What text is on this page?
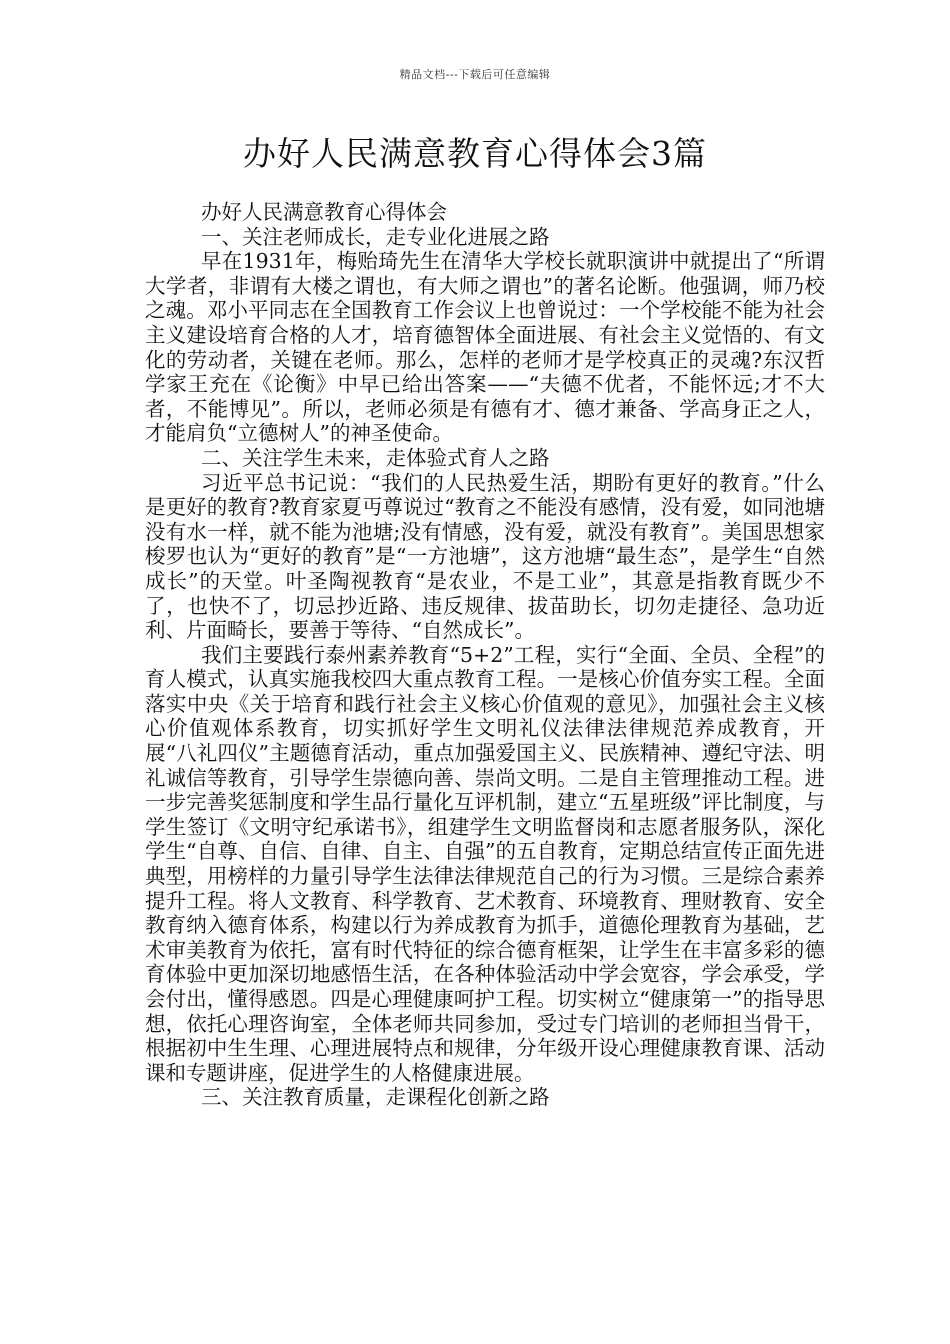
精品文档---下载后可任意编辑
办好人民满意教育心得体会3篇

办好人民满意教育心得体会

一、关注老师成长，走专业化进展之路

早在1931年，梅贻琦先生在清华大学校长就职演讲中就提出了“所谓大学者，非谓有大楼之谓也，有大师之谓也”的著名论断。他强调，师乃校之魂。邓小平同志在全国教育工作会议上也曾说过：一个学校能不能为社会主义建设培育合格的人才，培育德智体全面进展、有社会主义觉悟的、有文化的劳动者，关键在老师。那么，怎样的老师才是学校真正的灵魂?东汉哲学家王充在《论衡》中早已给出答案——“夫德不优者，不能怀远;才不大者，不能博见”。所以，老师必须是有德有才、德才兼备、学高身正之人，才能肩负“立德树人”的神圣使命。

二、关注学生未来，走体验式育人之路

习近平总书记说：“我们的人民热爱生活，期盼有更好的教育。”什么是更好的教育?教育家夏丏尊说过“教育之不能没有感情，没有爱，如同池塘没有水一样，就不能为池塘;没有情感，没有爱，就没有教育”。美国思想家梭罗也认为“更好的教育”是“一方池塘”，这方池塘“最生态”，是学生“自然成长”的天堂。叶圣陶视教育“是农业，不是工业”，其意是指教育既少不了，也快不了，切忌抄近路、违反规律、拔苗助长，切勿走捷径、急功近利、片面畸长，要善于等待、“自然成长”。

我们主要践行泰州素养教育“5+2”工程，实行“全面、全员、全程”的育人模式，认真实施我校四大重点教育工程。一是核心价值夯实工程。全面落实中央《关于培育和践行社会主义核心价值观的意见》，加强社会主义核心价值观体系教育，切实抓好学生文明礼仪法律法律规范养成教育，开展“八礼四仪”主题德育活动，重点加强爱国主义、民族精神、遵纪守法、明礼诚信等教育，引导学生崇德向善、崇尚文明。二是自主管理推动工程。进一步完善奖惩制度和学生品行量化互评机制，建立“五星班级”评比制度，与学生签订《文明守纪承诺书》，组建学生文明监督岗和志愿者服务队，深化学生“自尊、自信、自律、自主、自强”的五自教育，定期总结宣传正面先进典型，用榜样的力量引导学生法律法律规范自己的行为习惯。三是综合素养提升工程。将人文教育、科学教育、艺术教育、环境教育、理财教育、安全教育纳入德育体系，构建以行为养成教育为抓手，道德伦理教育为基础，艺术审美教育为依托，富有时代特征的综合德育框架，让学生在丰富多彩的德育体验中更加深切地感悟生活，在各种体验活动中学会宽容，学会承受，学会付出，懂得感恩。四是心理健康呵护工程。切实树立“健康第一”的指导思想，依托心理咨询室，全体老师共同参加，受过专门培训的老师担当骨干，根据初中生生理、心理进展特点和规律，分年级开设心理健康教育课、活动课和专题讲座，促进学生的人格健康进展。

三、关注教育质量，走课程化创新之路
